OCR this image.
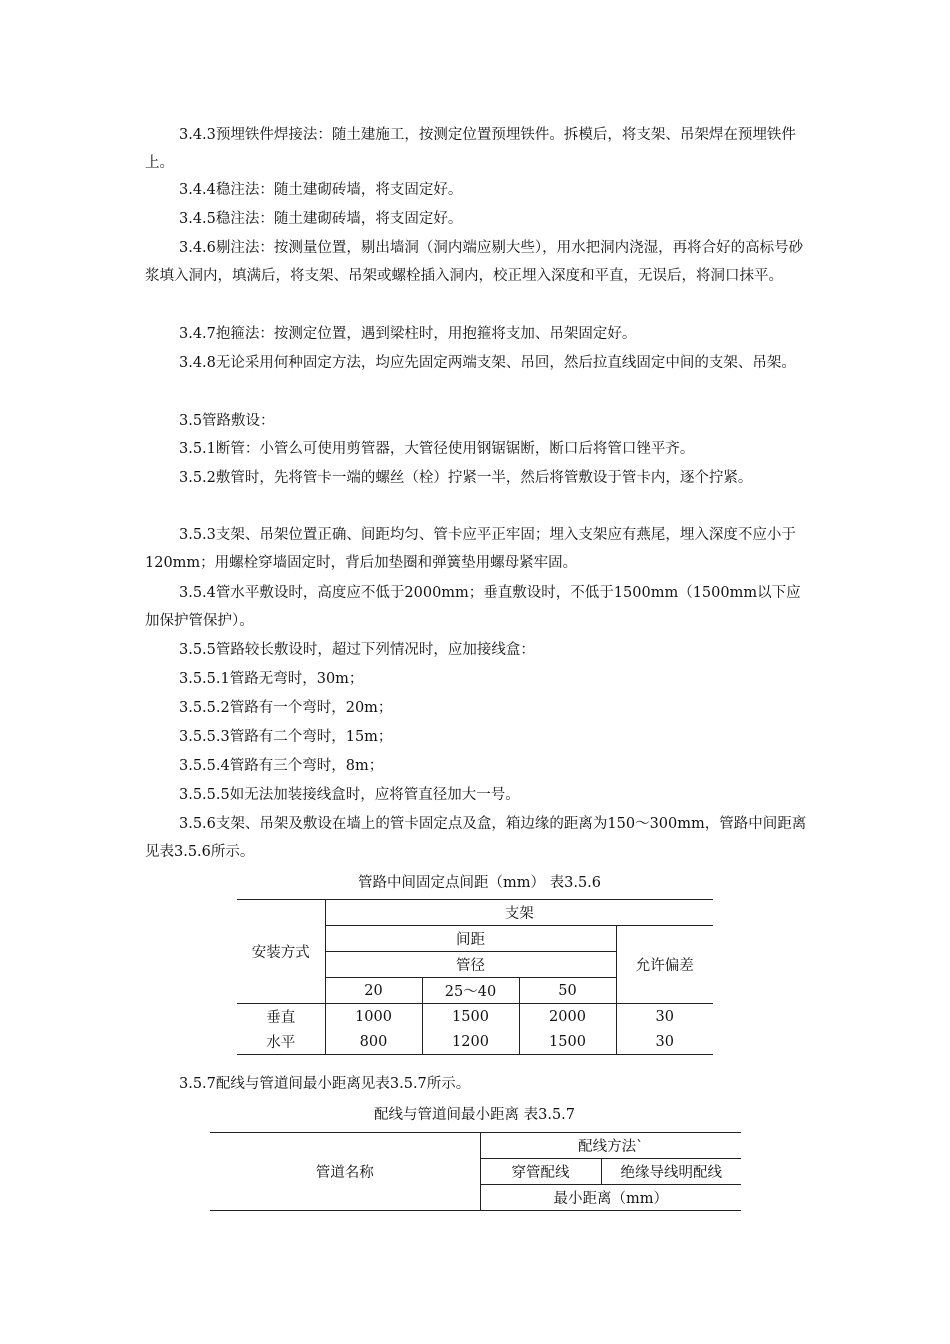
3.4.3预埋铁件焊接法：随土建施工，按测定位置预埋铁件。拆模后，将支架、吊架焊在预埋铁件上。

3.4.4稳注法：随土建砌砖墙，将支固定好。

3.4.5稳注法：随土建砌砖墙，将支固定好。

3.4.6剔注法：按测量位置，剔出墙洞（洞内端应剔大些），用水把洞内浇湿，再将合好的高标号砂浆填入洞内，填满后，将支架、吊架或螺栓插入洞内，校正埋入深度和平直，无误后，将洞口抹平。

3.4.7抱箍法：按测定位置，遇到梁柱时，用抱箍将支加、吊架固定好。

3.4.8无论采用何种固定方法，均应先固定两端支架、吊回，然后拉直线固定中间的支架、吊架。

3.5管路敷设：

3.5.1断管：小管么可使用剪管器，大管径使用钢锯锯断，断口后将管口锉平齐。

3.5.2敷管时，先将管卡一端的螺丝（栓）拧紧一半，然后将管敷设于管卡内，逐个拧紧。

3.5.3支架、吊架位置正确、间距均匀、管卡应平正牢固；埋入支架应有燕尾，埋入深度不应小于120mm；用螺栓穿墙固定时，背后加垫圈和弹簧垫用螺母紧牢固。

3.5.4管水平敷设时，高度应不低于2000mm；垂直敷设时，不低于1500mm（1500mm以下应加保护管保护）。

3.5.5管路较长敷设时，超过下列情况时，应加接线盒：

3.5.5.1管路无弯时，30m；

3.5.5.2管路有一个弯时，20m；

3.5.5.3管路有二个弯时，15m；

3.5.5.4管路有三个弯时，8m；

3.5.5.5如无法加装接线盒时，应将管直径加大一号。

3.5.6支架、吊架及敷设在墙上的管卡固定点及盒，箱边缘的距离为150～300mm，管路中间距离见表3.5.6所示。

管路中间固定点间距（mm） 表3.5.6
安装方式	支架			
	间距			允许偏差
	管径			
	20	25～40	50	
垂直	1000	1500	2000	30
水平	800	1200	1500	30

3.5.7配线与管道间最小距离见表3.5.7所示。

配线与管道间最小距离 表3.5.7
管道名称	配线方法`	
	穿管配线	绝缘导线明配线
	最小距离（mm）	
